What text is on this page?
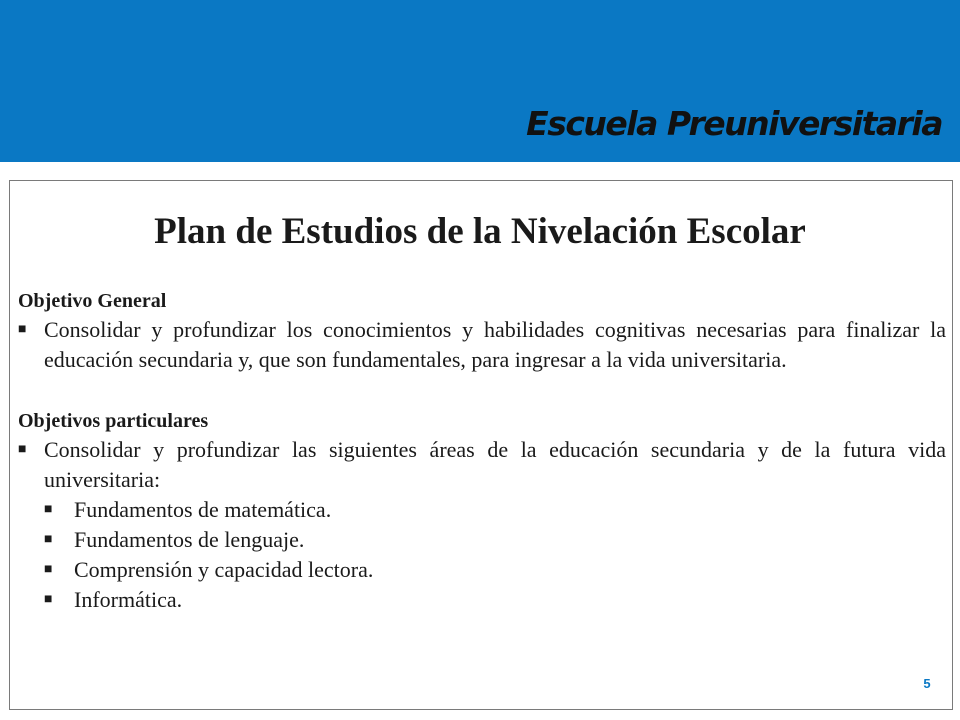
Escuela Preuniversitaria
Plan de Estudios de la Nivelación Escolar

Objetivo General

■ Consolidar y profundizar los conocimientos y habilidades cognitivas necesarias para finalizar la educación secundaria y, que son fundamentales, para ingresar a la vida universitaria.

Objetivos particulares

■ Consolidar y profundizar las siguientes áreas de la educación secundaria y de la futura vida universitaria:
■ Fundamentos de matemática.
■ Fundamentos de lenguaje.
■ Comprensión y capacidad lectora.
■ Informática.

5
